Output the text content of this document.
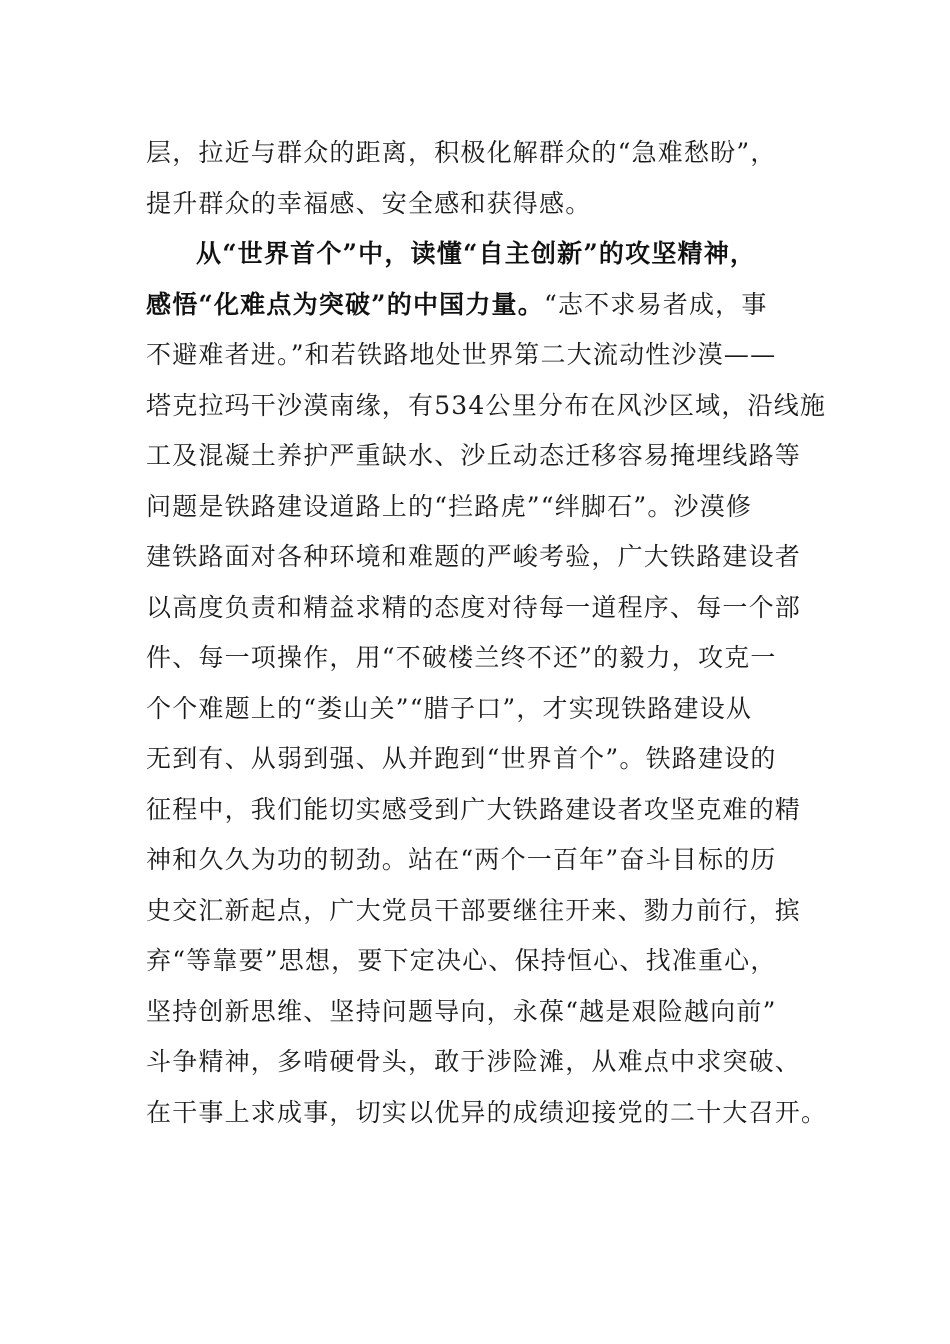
层，拉近与群众的距离，积极化解群众的“急难愁盼”，
提升群众的幸福感、安全感和获得感。
从“世界首个”中，读懂“自主创新”的攻坚精神，
感悟“化难点为突破”的中国力量。“志不求易者成，事
不避难者进。”和若铁路地处世界第二大流动性沙漠——
塔克拉玛干沙漠南缘，有534公里分布在风沙区域，沿线施
工及混凝土养护严重缺水、沙丘动态迁移容易掩埋线路等
问题是铁路建设道路上的“拦路虎”“绊脚石”。沙漠修
建铁路面对各种环境和难题的严峻考验，广大铁路建设者
以高度负责和精益求精的态度对待每一道程序、每一个部
件、每一项操作，用“不破楼兰终不还”的毅力，攻克一
个个难题上的“娄山关”“腊子口”，才实现铁路建设从
无到有、从弱到强、从并跑到“世界首个”。铁路建设的
征程中，我们能切实感受到广大铁路建设者攻坚克难的精
神和久久为功的韧劲。站在“两个一百年”奋斗目标的历
史交汇新起点，广大党员干部要继往开来、勠力前行，摈
弃“等靠要”思想，要下定决心、保持恒心、找准重心，
坚持创新思维、坚持问题导向，永葆“越是艰险越向前”
斗争精神，多啃硬骨头，敢于涉险滩，从难点中求突破、
在干事上求成事，切实以优异的成绩迎接党的二十大召开。
